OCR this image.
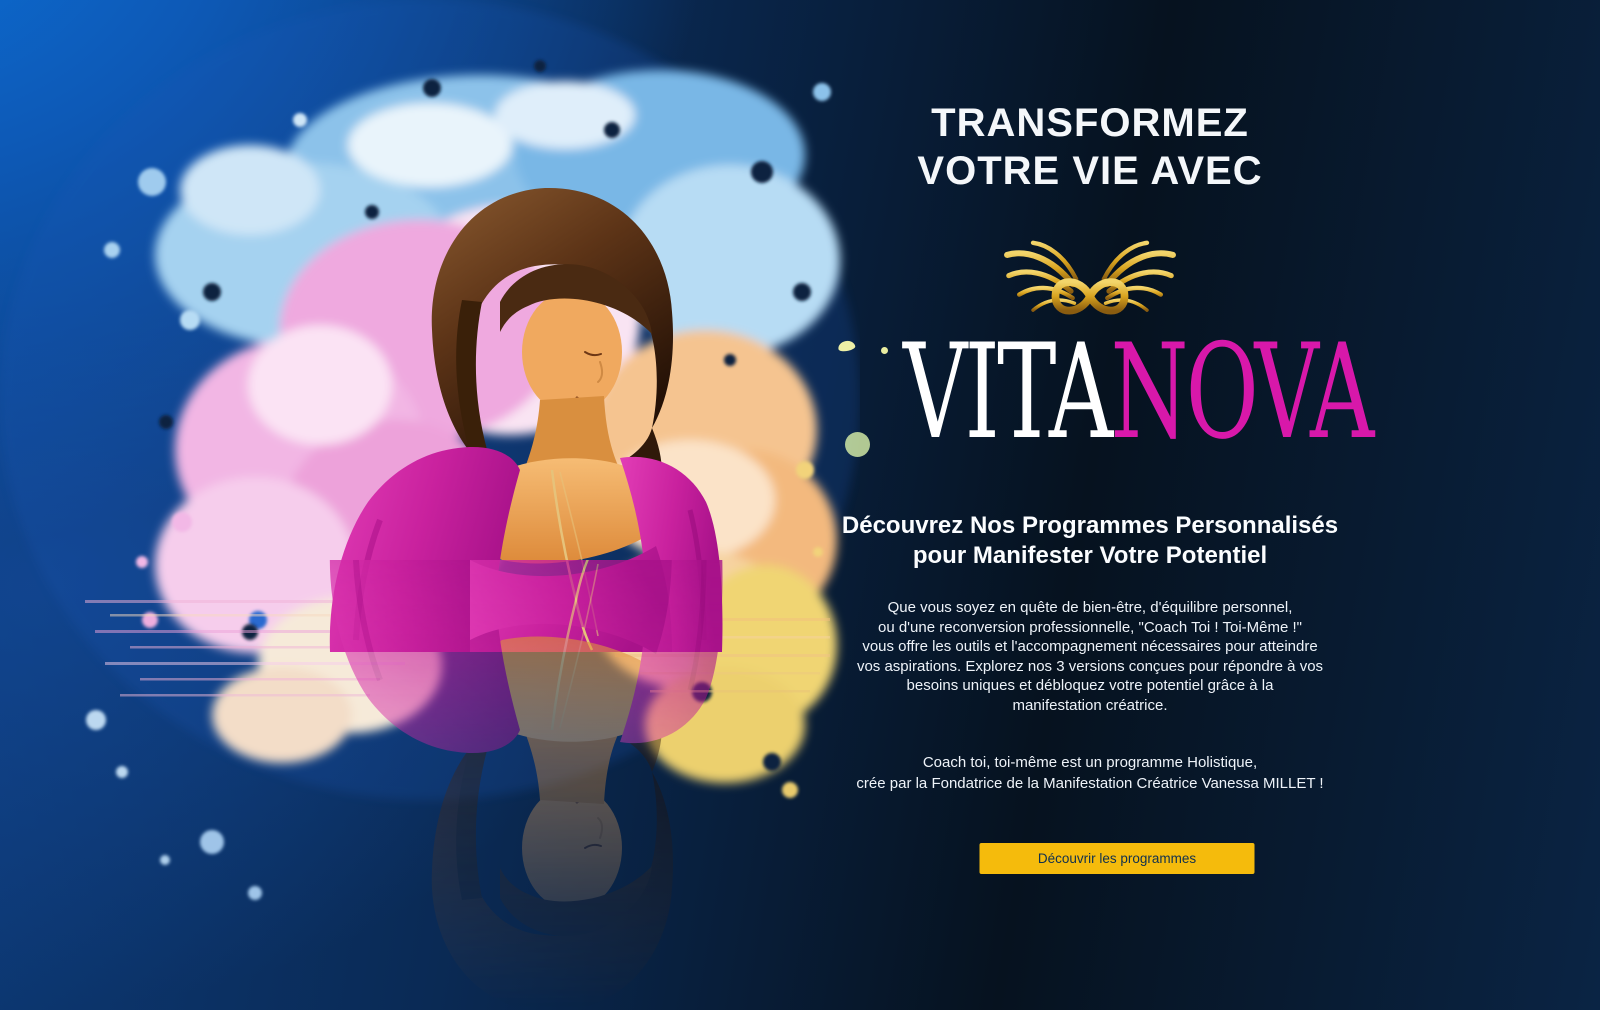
TRANSFORMEZ
VOTRE VIE AVEC
VITANOVA
Découvrez Nos Programmes Personnalisés
pour Manifester Votre Potentiel
Que vous soyez en quête de bien-être, d'équilibre personnel,
ou d'une reconversion professionnelle, "Coach Toi ! Toi-Même !"
vous offre les outils et l'accompagnement nécessaires pour atteindre
vos aspirations. Explorez nos 3 versions conçues pour répondre à vos
besoins uniques et débloquez votre potentiel grâce à la
manifestation créatrice.
Coach toi, toi-même est un programme Holistique,
crée par la Fondatrice de la Manifestation Créatrice Vanessa MILLET !
Découvrir les programmes
